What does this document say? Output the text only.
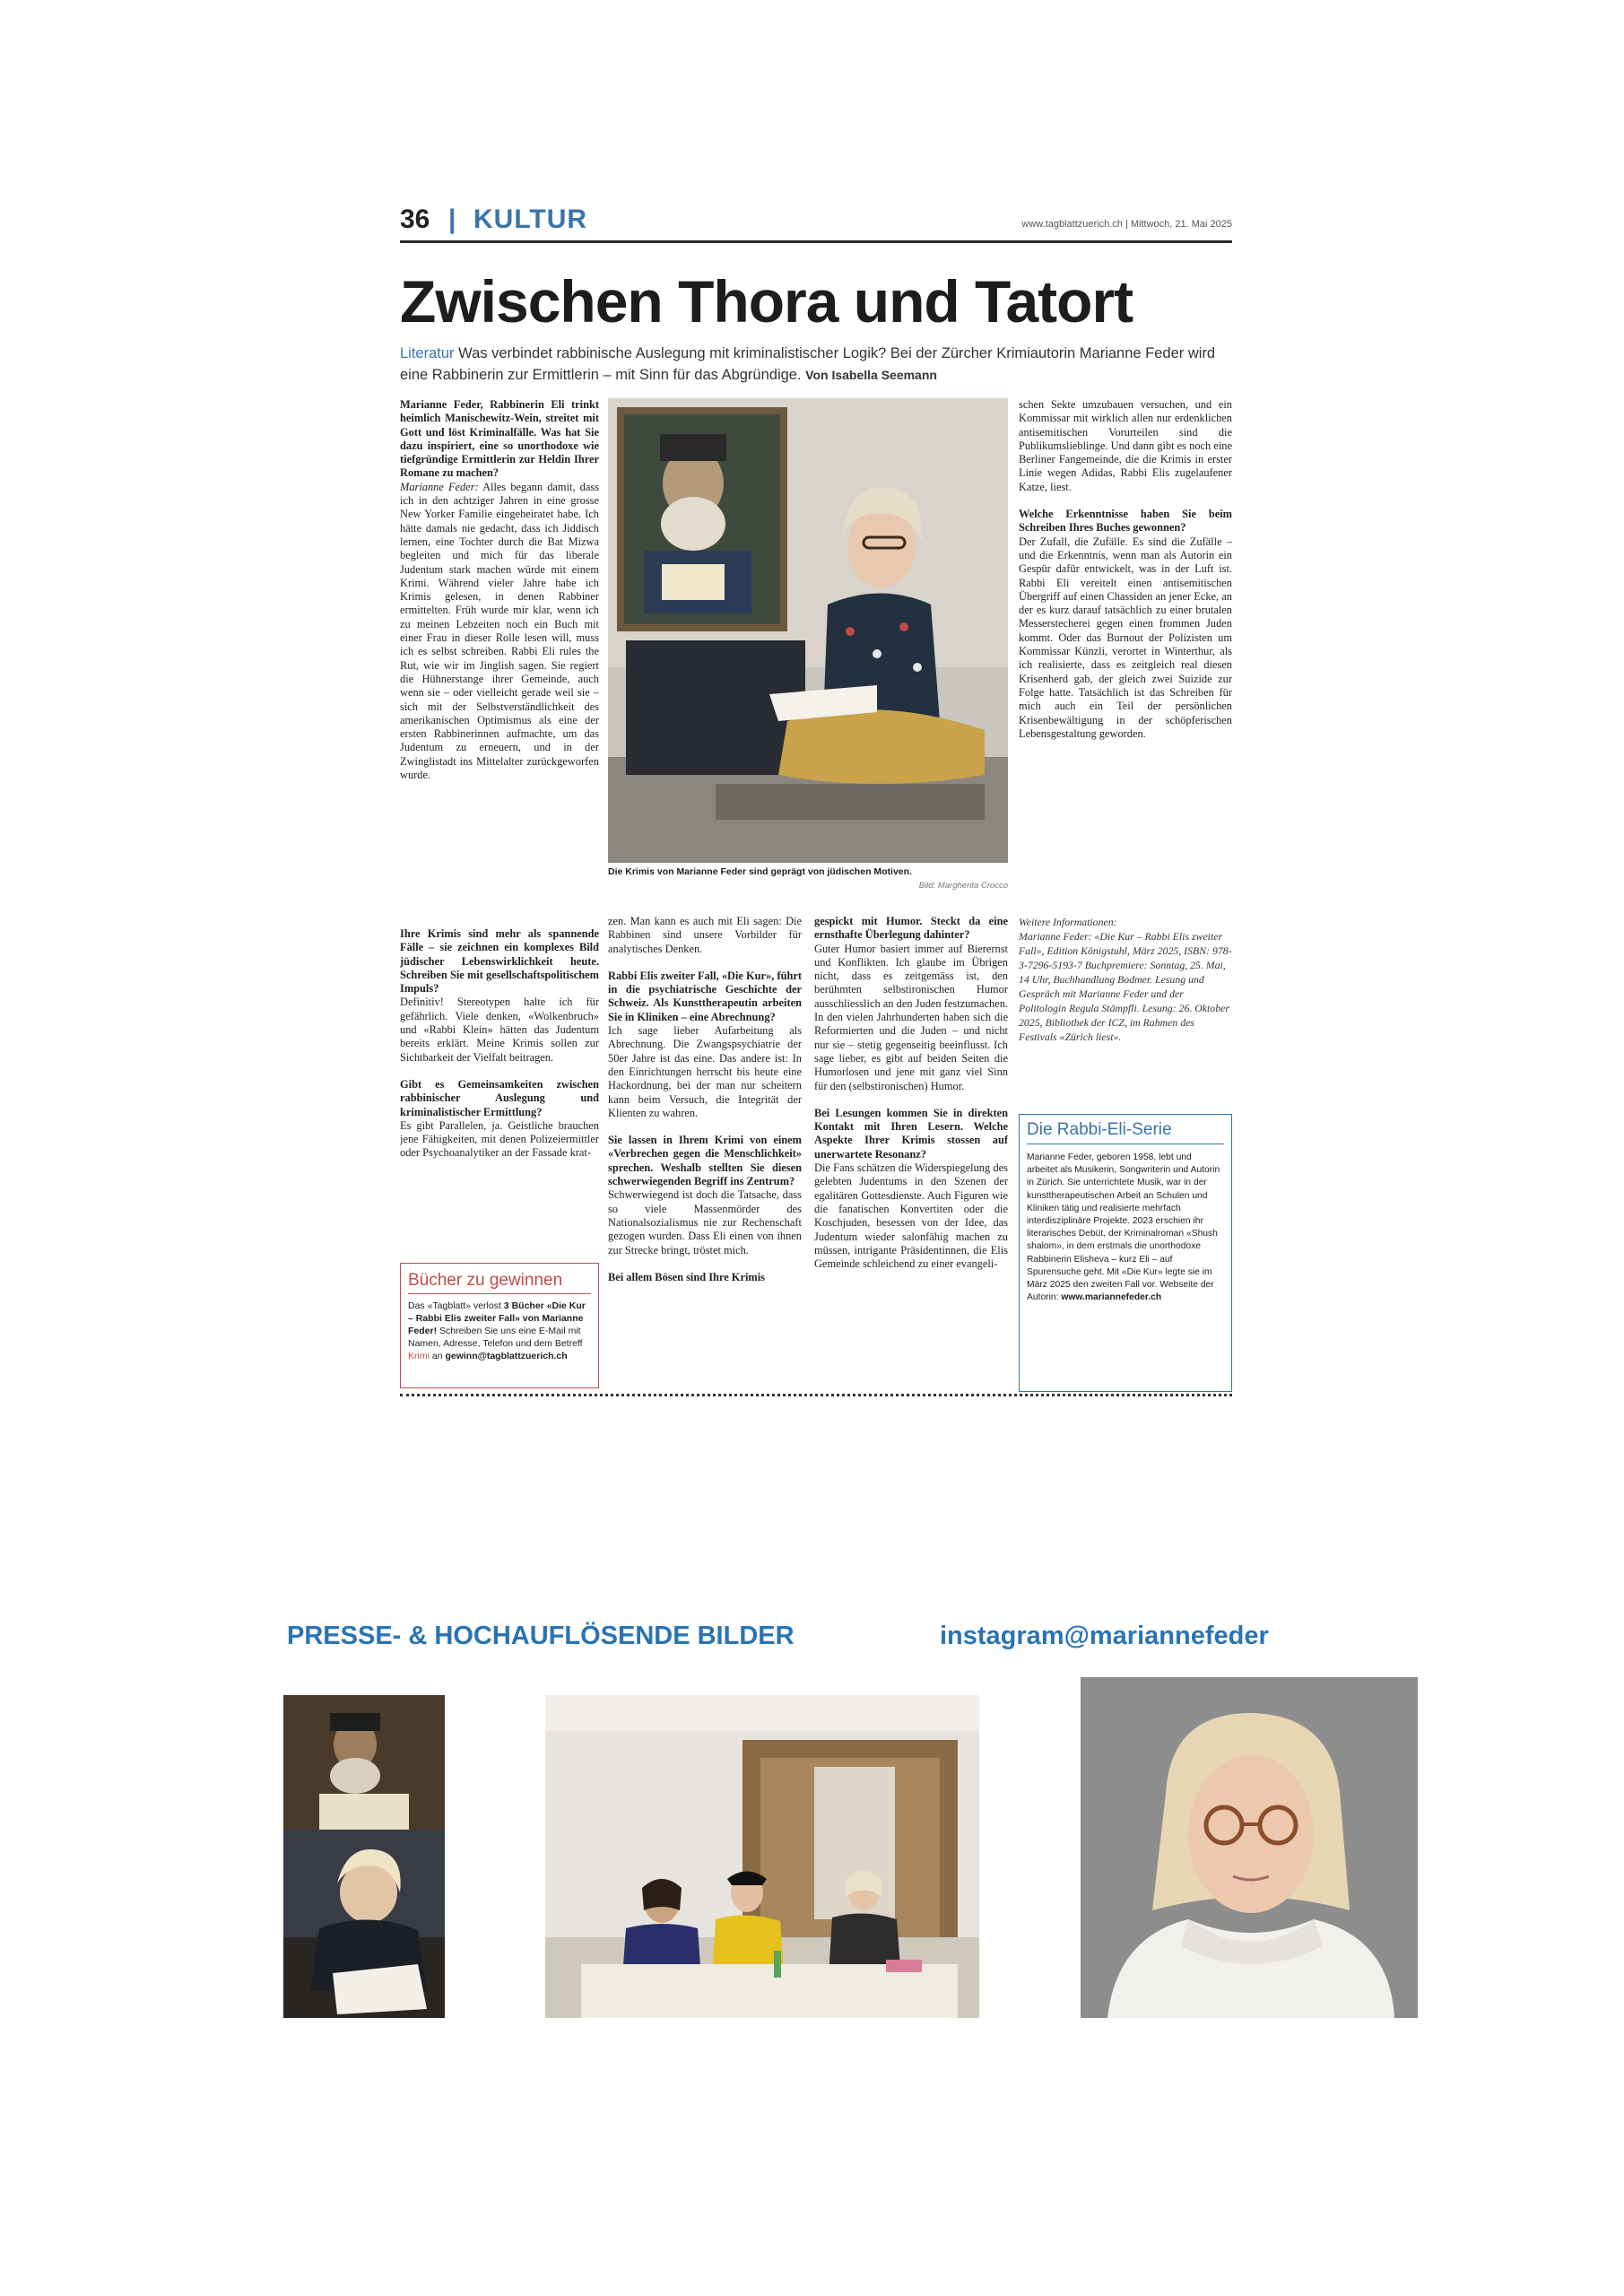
36 | KULTUR	www.tagblattzuerich.ch | Mittwoch, 21. Mai 2025
Zwischen Thora und Tatort
Literatur Was verbindet rabbinische Auslegung mit kriminalistischer Logik? Bei der Zürcher Krimiautorin Marianne Feder wird eine Rabbinerin zur Ermittlerin – mit Sinn für das Abgründige. Von Isabella Seemann

Marianne Feder, Rabbinerin Eli trinkt heimlich Manischewitz-Wein, streitet mit Gott und löst Kriminalfälle. Was hat Sie dazu inspiriert, eine so unorthodoxe wie tiefgründige Ermittlerin zur Heldin Ihrer Romane zu machen?

Marianne Feder: Alles begann damit, dass ich in den achtziger Jahren in eine grosse New Yorker Familie eingeheiratet habe. Ich hätte damals nie gedacht, dass ich Jiddisch lernen, eine Tochter durch die Bat Mizwa begleiten und mich für das liberale Judentum stark machen würde mit einem Krimi. Während vieler Jahre habe ich Krimis gelesen, in denen Rabbiner ermittelten. Früh wurde mir klar, wenn ich zu meinen Lebzeiten noch ein Buch mit einer Frau in dieser Rolle lesen will, muss ich es selbst schreiben. Rabbi Eli rules the Rut, wie wir im Jinglish sagen. Sie regiert die Hühnerstange ihrer Gemeinde, auch wenn sie – oder vielleicht gerade weil sie – sich mit der Selbstverständlichkeit des amerikanischen Optimismus als eine der ersten Rabbinerinnen aufmachte, um das Judentum zu erneuern, und in der Zwinglistadt ins Mittelalter zurückgeworfen wurde.

Die Krimis von Marianne Feder sind geprägt von jüdischen Motiven.
Bild: Margherita Crocco

schen Sekte umzubauen versuchen, und ein Kommissar mit wirklich allen nur erdenklichen antisemitischen Vorurteilen sind die Publikumslieblinge. Und dann gibt es noch eine Berliner Fangemeinde, die die Krimis in erster Linie wegen Adidas, Rabbi Elis zugelaufener Katze, liest.

Welche Erkenntnisse haben Sie beim Schreiben Ihres Buches gewonnen?

Der Zufall, die Zufälle. Es sind die Zufälle – und die Erkenntnis, wenn man als Autorin ein Gespür dafür entwickelt, was in der Luft ist. Rabbi Eli vereitelt einen antisemitischen Übergriff auf einen Chassiden an jener Ecke, an der es kurz darauf tatsächlich zu einer brutalen Messerstecherei gegen einen frommen Juden kommt. Oder das Burnout der Polizisten um Kommissar Künzli, verortet in Winterthur, als ich realisierte, dass es zeitgleich real diesen Krisenherd gab, der gleich zwei Suizide zur Folge hatte. Tatsächlich ist das Schreiben für mich auch ein Teil der persönlichen Krisenbewältigung in der schöpferischen Lebensgestaltung geworden.

Ihre Krimis sind mehr als spannende Fälle – sie zeichnen ein komplexes Bild jüdischer Lebenswirklichkeit heute. Schreiben Sie mit gesellschaftspolitischem Impuls?

Definitiv! Stereotypen halte ich für gefährlich. Viele denken, «Wolkenbruch» und «Rabbi Klein» hätten das Judentum bereits erklärt. Meine Krimis sollen zur Sichtbarkeit der Vielfalt beitragen.

Gibt es Gemeinsamkeiten zwischen rabbinischer Auslegung und kriminalistischer Ermittlung?

Es gibt Parallelen, ja. Geistliche brauchen jene Fähigkeiten, mit denen Polizeiermittler oder Psychoanalytiker an der Fassade krat-

Bücher zu gewinnen
Das «Tagblatt» verlost 3 Bücher «Die Kur – Rabbi Elis zweiter Fall» von Marianne Feder! Schreiben Sie uns eine E-Mail mit Namen, Adresse, Telefon und dem Betreff Krimi an gewinn@tagblattzuerich.ch

zen. Man kann es auch mit Eli sagen: Die Rabbinen sind unsere Vorbilder für analytisches Denken.

Rabbi Elis zweiter Fall, «Die Kur», führt in die psychiatrische Geschichte der Schweiz. Als Kunsttherapeutin arbeiten Sie in Kliniken – eine Abrechnung?

Ich sage lieber Aufarbeitung als Abrechnung. Die Zwangspsychiatrie der 50er Jahre ist das eine. Das andere ist: In den Einrichtungen herrscht bis heute eine Hackordnung, bei der man nur scheitern kann beim Versuch, die Integrität der Klienten zu wahren.

Sie lassen in Ihrem Krimi von einem «Verbrechen gegen die Menschlichkeit» sprechen. Weshalb stellten Sie diesen schwerwiegenden Begriff ins Zentrum?

Schwerwiegend ist doch die Tatsache, dass so viele Massenmörder des Nationalsozialismus nie zur Rechenschaft gezogen wurden. Dass Eli einen von ihnen zur Strecke bringt, tröstet mich.

Bei allem Bösen sind Ihre Krimis

gespickt mit Humor. Steckt da eine ernsthafte Überlegung dahinter?

Guter Humor basiert immer auf Bierernst und Konflikten. Ich glaube im Übrigen nicht, dass es zeitgemäss ist, den berühmten selbstironischen Humor ausschliesslich an den Juden festzumachen. In den vielen Jahrhunderten haben sich die Reformierten und die Juden – und nicht nur sie – stetig gegenseitig beeinflusst. Ich sage lieber, es gibt auf beiden Seiten die Humorlosen und jene mit ganz viel Sinn für den (selbstironischen) Humor.

Bei Lesungen kommen Sie in direkten Kontakt mit Ihren Lesern. Welche Aspekte Ihrer Krimis stossen auf unerwartete Resonanz?

Die Fans schätzen die Widerspiegelung des gelebten Judentums in den Szenen der egalitären Gottesdienste. Auch Figuren wie die fanatischen Konvertiten oder die Koschjuden, besessen von der Idee, das Judentum wieder salonfähig machen zu müssen, intrigante Präsidentinnen, die Elis Gemeinde schleichend zu einer evangeli-

Weitere Informationen:
Marianne Feder: «Die Kur – Rabbi Elis zweiter Fall», Edition Königstuhl, März 2025, ISBN: 978-3-7296-5193-7 Buchpremiere: Sonntag, 25. Mai, 14 Uhr, Buchhandlung Bodmer. Lesung und Gespräch mit Marianne Feder und der Politologin Regula Stämpfli. Lesung: 26. Oktober 2025, Bibliothek der ICZ, im Rahmen des Festivals «Zürich liest».
Die Rabbi-Eli-Serie
Marianne Feder, geboren 1958, lebt und arbeitet als Musikerin, Songwriterin und Autorin in Zürich. Sie unterrichtete Musik, war in der kunsttherapeutischen Arbeit an Schulen und Kliniken tätig und realisierte mehrfach interdisziplinäre Projekte. 2023 erschien ihr literarisches Debüt, der Kriminalroman «Shush shalom», in dem erstmals die unorthodoxe Rabbinerin Elisheva – kurz Eli – auf Spurensuche geht. Mit «Die Kur» legte sie im März 2025 den zweiten Fall vor. Webseite der Autorin: www.mariannefeder.ch
PRESSE- & HOCHAUFLÖSENDE BILDER	instagram@mariannefeder
